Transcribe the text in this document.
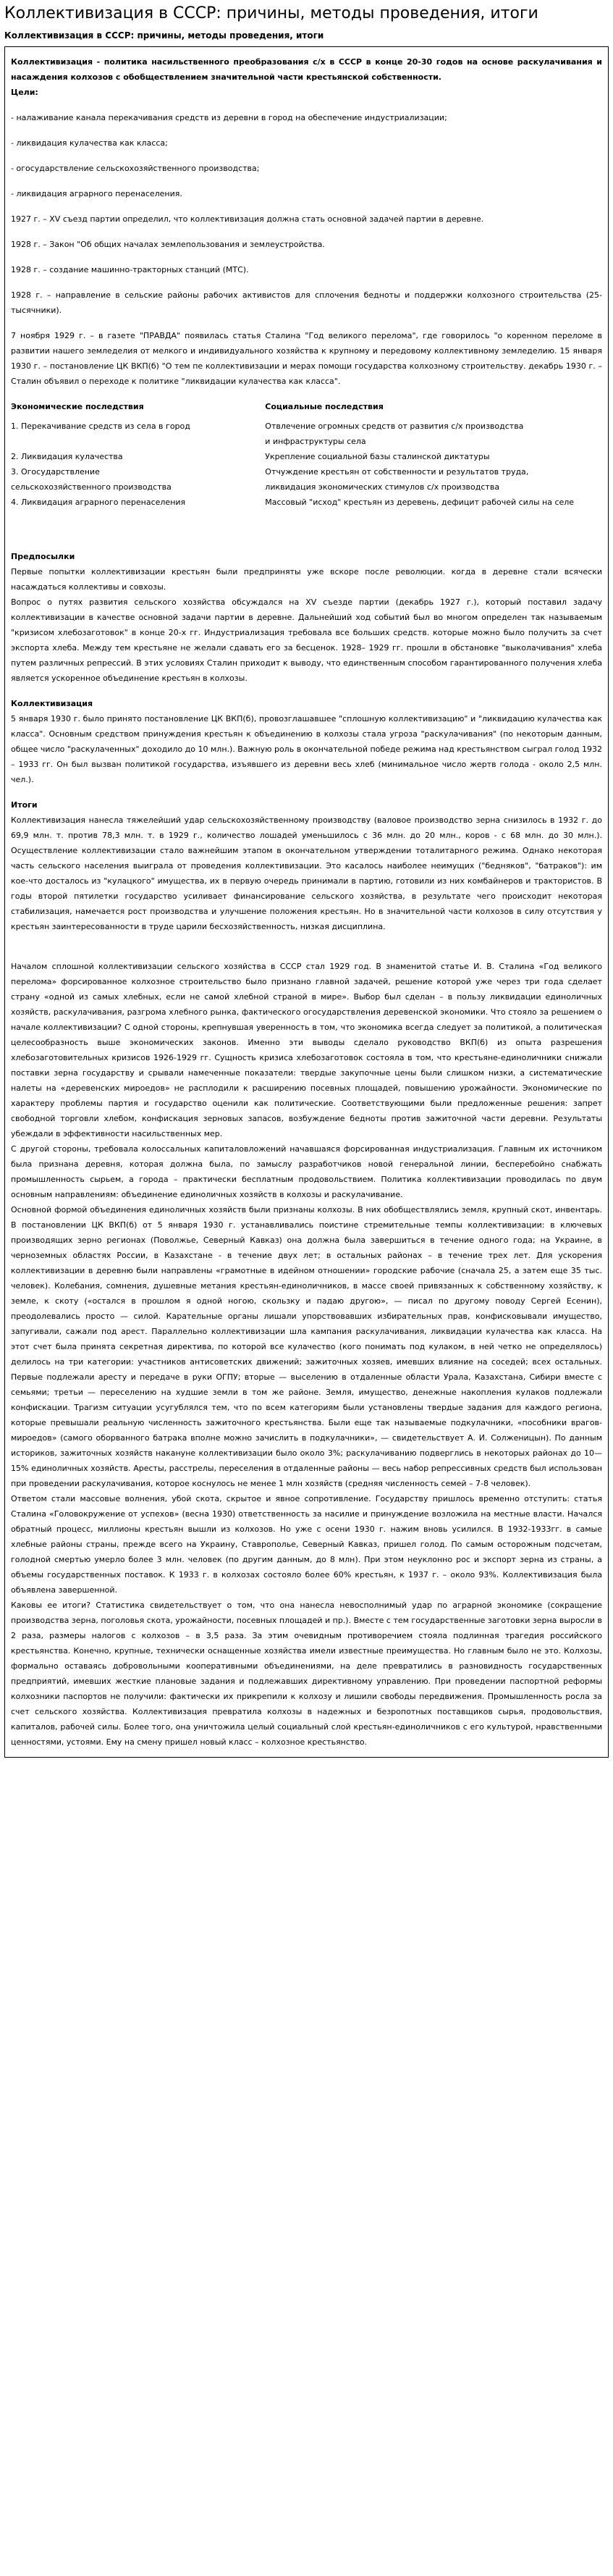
Коллективизация в СССР: причины, методы проведения, итоги
Коллективизация в СССР: причины, методы проведения, итоги

Коллективизация - политика насильственного преобразования с/х в СССР в конце 20-30 годов на основе раскулачивания и насаждения колхозов с обобществлением значительной части крестьянской собственности.

Цели:

- налаживание канала перекачивания средств из деревни в город на обеспечение индустриализации;

- ликвидация кулачества как класса;

- огосударствление сельскохозяйственного производства;

- ликвидация аграрного перенаселения.

1927 г. – XV съезд партии определил, что коллективизация должна стать основной задачей партии в деревне.

1928 г. – Закон "Об общих началах землепользования и землеустройства.

1928 г. – создание машинно-тракторных станций (МТС).

1928 г. – направление в сельские районы рабочих активистов для сплочения бедноты и поддержки колхозного строительства (25-тысячники).

7 ноября 1929 г. – в газете "ПРАВДА" появилась статья Сталина "Год великого перелома", где говорилось "о коренном переломе в развитии нашего земледелия от мелкого и индивидуального хозяйства к крупному и передовому коллективному земледелию. 15 января 1930 г. – постановление ЦК ВКП(б) "О тем пе коллективизации и мерах помощи государства колхозному строительству. декабрь 1930 г. – Сталин объявил о переходе к политике "ликвидации кулачества как класса".

Экономические последствия	Социальные последствия
1. Перекачивание средств из села в город	Отвлечение огромных средств от развития с/х производства
	и инфраструктуры села
2. Ликвидация кулачества	Укрепление социальной базы сталинской диктатуры
3. Огосударствление	Отчуждение крестьян от собственности и результатов труда,
сельскохозяйственного производства	ликвидация экономических стимулов с/х производства
4. Ликвидация аграрного перенаселения	Массовый "исход" крестьян из деревень, дефицит рабочей силы на селе

Предпосылки

Первые попытки коллективизации крестьян были предприняты уже вскоре после революции. когда в деревне стали всячески насаждаться коллективы и совхозы.

Вопрос о путях развития сельского хозяйства обсуждался на XV съезде партии (декабрь 1927 г.), который поставил задачу коллективизации в качестве основной задачи партии в деревне. Дальнейший ход событий был во многом определен так называемым "кризисом хлебозаготовок" в конце 20-х гг. Индустриализация требовала все больших средств. которые можно было получить за счет экспорта хлеба. Между тем крестьяне не желали сдавать его за бесценок. 1928– 1929 гг. прошли в обстановке "выколачивания" хлеба путем различных репрессий. В этих условиях Сталин приходит к выводу, что единственным способом гарантированного получения хлеба является ускоренное объединение крестьян в колхозы.

Коллективизация

5 января 1930 г. было принято постановление ЦК ВКП(б), провозглашавшее "сплошную коллективизацию" и "ликвидацию кулачества как класса". Основным средством принуждения крестьян к объединению в колхозы стала угроза "раскулачивания" (по некоторым данным, общее число "раскулаченных" доходило до 10 млн.). Важную роль в окончательной победе режима над крестьянством сыграл голод 1932 – 1933 гг. Он был вызван политикой государства, изъявшего из деревни весь хлеб (минимальное число жертв голода - около 2,5 млн. чел.).

Итоги

Коллективизация нанесла тяжелейший удар сельскохозяйственному производству (валовое производство зерна снизилось в 1932 г. до 69,9 млн. т. против 78,3 млн. т. в 1929 г., количество лошадей уменьшилось с 36 млн. до 20 млн., коров - с 68 млн. до 30 млн.). Осуществление коллективизации стало важнейшим этапом в окончательном утверждении тоталитарного режима. Однако некоторая часть сельского населения выиграла от проведения коллективизации. Это касалось наиболее неимущих ("бедняков", "батраков"): им кое-что досталось из "кулацкого" имущества, их в первую очередь принимали в партию, готовили из них комбайнеров и трактористов. В годы второй пятилетки государство усиливает финансирование сельского хозяйства, в результате чего происходит некоторая стабилизация, намечается рост производства и улучшение положения крестьян. Но в значительной части колхозов в силу отсутствия у крестьян заинтересованности в труде царили бесхозяйственность, низкая дисциплина.

Началом сплошной коллективизации сельского хозяйства в СССР стал 1929 год. В знаменитой статье И. В. Сталина «Год великого перелома» форсированное колхозное строительство было признано главной задачей, решение которой уже через три года сделает страну «одной из самых хлебных, если не самой хлебной страной в мире». Выбор был сделан – в пользу ликвидации единоличных хозяйств, раскулачивания, разгрома хлебного рынка, фактического огосударствления деревенской экономики. Что стояло за решением о начале коллективизации? С одной стороны, крепнувшая уверенность в том, что экономика всегда следует за политикой, а политическая целесообразность выше экономических законов. Именно эти выводы сделало руководство ВКП(б) из опыта разрешения хлебозаготовительных кризисов 1926-1929 гг. Сущность кризиса хлебозаготовок состояла в том, что крестьяне-единоличники снижали поставки зерна государству и срывали намеченные показатели: твердые закупочные цены были слишком низки, а систематические налеты на «деревенских мироедов» не расплодили к расширению посевных площадей, повышению урожайности. Экономические по характеру проблемы партия и государство оценили как политические. Соответствующими были предложенные решения: запрет свободной торговли хлебом, конфискация зерновых запасов, возбуждение бедноты против зажиточной части деревни. Результаты убеждали в эффективности насильственных мер.

С другой стороны, требовала колоссальных капиталовложений начавшаяся форсированная индустриализация. Главным их источником была признана деревня, которая должна была, по замыслу разработчиков новой генеральной линии, бесперебойно снабжать промышленность сырьем, а города – практически бесплатным продовольствием. Политика коллективизации проводилась по двум основным направлениям: объединение единоличных хозяйств в колхозы и раскулачивание.

Основной формой объединения единоличных хозяйств были признаны колхозы. В них обобществлялись земля, крупный скот, инвентарь. В постановлении ЦК ВКП(б) от 5 января 1930 г. устанавливались поистине стремительные темпы коллективизации: в ключевых производящих зерно регионах (Поволжье, Северный Кавказ) она должна была завершиться в течение одного года; на Украине, в черноземных областях России, в Казахстане - в течение двух лет; в остальных районах – в течение трех лет. Для ускорения коллективизации в деревню были направлены «грамотные в идейном отношении» городские рабочие (сначала 25, а затем еще 35 тыс. человек). Колебания, сомнения, душевные метания крестьян-единоличников, в массе своей привязанных к собственному хозяйству, к земле, к скоту («остался в прошлом я одной ногою, скользку и падаю другою», — писал по другому поводу Сергей Есенин), преодолевались просто — силой. Карательные органы лишали упорствовавших избирательных прав, конфисковывали имущество, запугивали, сажали под арест. Параллельно коллективизации шла кампания раскулачивания, ликвидации кулачества как класса. На этот счет была принята секретная директива, по которой все кулачество (кого понимать под кулаком, в ней четко не определялось) делилось на три категории: участников антисоветских движений; зажиточных хозяев, имевших влияние на соседей; всех остальных. Первые подлежали аресту и передаче в руки ОГПУ; вторые — выселению в отдаленные области Урала, Казахстана, Сибири вместе с семьями; третьи — переселению на худшие земли в том же районе. Земля, имущество, денежные накопления кулаков подлежали конфискации. Трагизм ситуации усугублялся тем, что по всем категориям были установлены твердые задания для каждого региона, которые превышали реальную численность зажиточного крестьянства. Были еще так называемые подкулачники, «пособники врагов-мироедов» (самого оборванного батрака вполне можно зачислить в подкулачники», — свидетельствует А. И. Солженицын). По данным историков, зажиточных хозяйств накануне коллективизации было около 3%; раскулачиванию подверглись в некоторых районах до 10—15% единоличных хозяйств. Аресты, расстрелы, переселения в отдаленные районы — весь набор репрессивных средств был использован при проведении раскулачивания, которое коснулось не менее 1 млн хозяйств (средняя численность семей – 7-8 человек).

Ответом стали массовые волнения, убой скота, скрытое и явное сопротивление. Государству пришлось временно отступить: статья Сталина «Головокружение от успехов» (весна 1930) ответственность за насилие и принуждение возложила на местные власти. Начался обратный процесс, миллионы крестьян вышли из колхозов. Но уже с осени 1930 г. нажим вновь усилился. В 1932-1933гг. в самые хлебные районы страны, прежде всего на Украину, Ставрополье, Северный Кавказ, пришел голод. По самым осторожным подсчетам, голодной смертью умерло более 3 млн. человек (по другим данным, до 8 млн). При этом неуклонно рос и экспорт зерна из страны, а объемы государственных поставок. К 1933 г. в колхозах состояло более 60% крестьян, к 1937 г. – около 93%. Коллективизация была объявлена завершенной.

Каковы ее итоги? Статистика свидетельствует о том, что она нанесла невосполнимый удар по аграрной экономике (сокращение производства зерна, поголовья скота, урожайности, посевных площадей и пр.). Вместе с тем государственные заготовки зерна выросли в 2 раза, размеры налогов с колхозов – в 3,5 раза. За этим очевидным противоречием стояла подлинная трагедия российского крестьянства. Конечно, крупные, технически оснащенные хозяйства имели известные преимущества. Но главным было не это. Колхозы, формально оставаясь добровольными кооперативными объединениями, на деле превратились в разновидность государственных предприятий, имевших жесткие плановые задания и подлежавших директивному управлению. При проведении паспортной реформы колхозники паспортов не получили: фактически их прикрепили к колхозу и лишили свободы передвижения. Промышленность росла за счет сельского хозяйства. Коллективизация превратила колхозы в надежных и безропотных поставщиков сырья, продовольствия, капиталов, рабочей силы. Более того, она уничтожила целый социальный слой крестьян-единоличников с его культурой, нравственными ценностями, устоями. Ему на смену пришел новый класс – колхозное крестьянство.
